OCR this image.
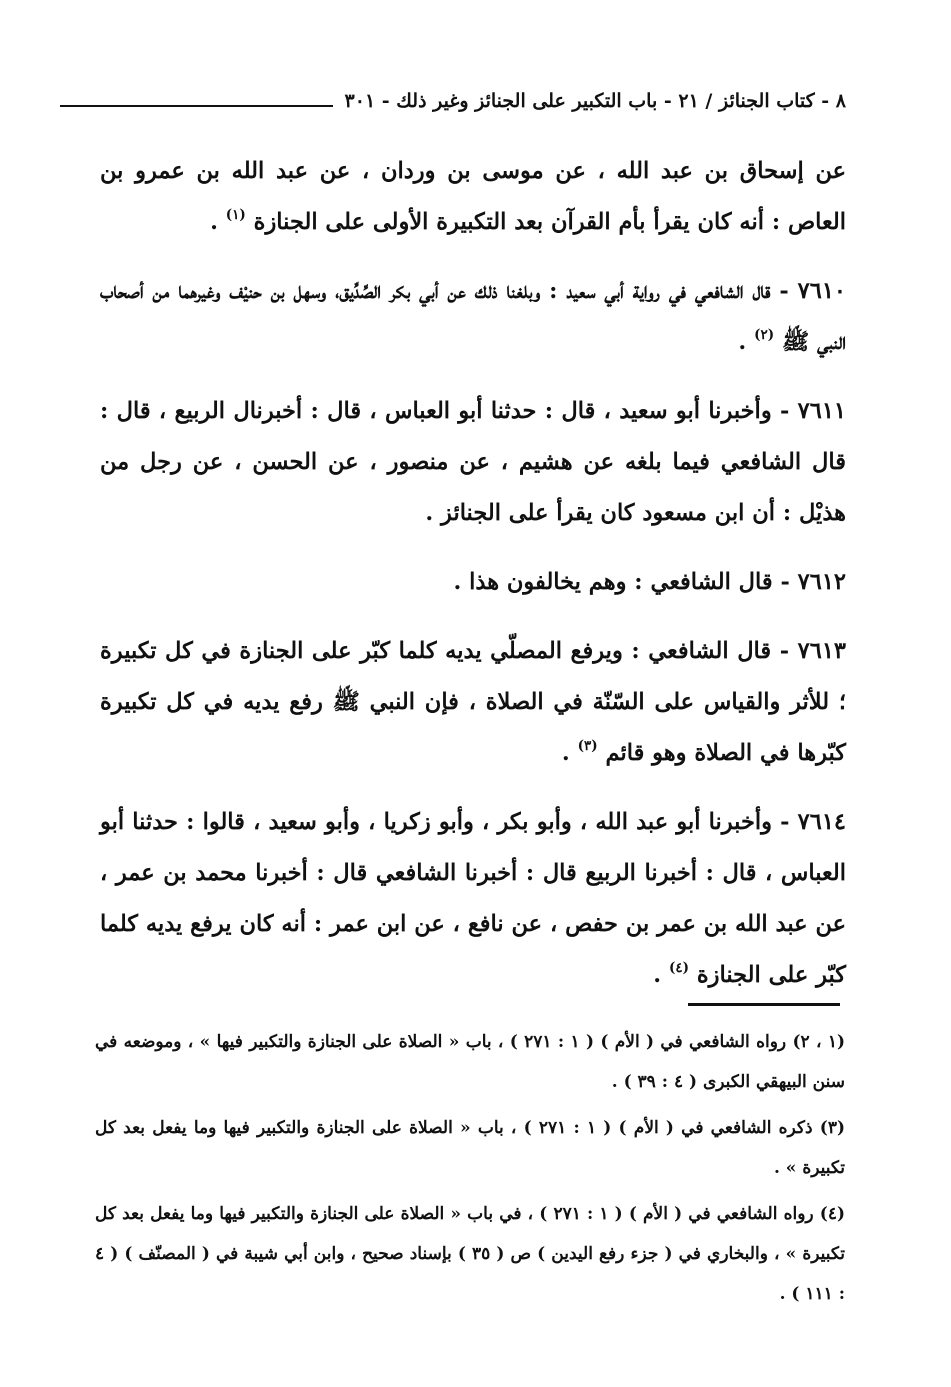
٨ - كتاب الجنائز / ٢١ - باب التكبير على الجنائز وغير ذلك - ٣٠١

عن إسحاق بن عبد الله ، عن موسى بن وردان ، عن عبد الله بن عمرو بن العاص : أنه كان يقرأ بأم القرآن بعد التكبيرة الأولى على الجنازة $^{(١)}$ .

٧٦١٠ - قال الشافعي في رواية أبي سعيد : وبلغنا ذلك عن أبي بكر الصِّدِّيق، وسهل بن حنيْف وغيرهما من أصحاب النبي ﷺ $^{(٢)}$ .

٧٦١١ - وأخبرنا أبو سعيد ، قال : حدثنا أبو العباس ، قال : أخبرنال الربيع ، قال : قال الشافعي فيما بلغه عن هشيم ، عن منصور ، عن الحسن ، عن رجل من هذيْل : أن ابن مسعود كان يقرأ على الجنائز .

٧٦١٢ - قال الشافعي : وهم يخالفون هذا .

٧٦١٣ - قال الشافعي : ويرفع المصلّي يديه كلما كبّر على الجنازة في كل تكبيرة ؛ للأثر والقياس على السّنّة في الصلاة ، فإن النبي ﷺ رفع يديه في كل تكبيرة كبّرها في الصلاة وهو قائم $^{(٣)}$ .

٧٦١٤ - وأخبرنا أبو عبد الله ، وأبو بكر ، وأبو زكريا ، وأبو سعيد ، قالوا : حدثنا أبو العباس ، قال : أخبرنا الربيع قال : أخبرنا الشافعي قال : أخبرنا محمد بن عمر ، عن عبد الله بن عمر بن حفص ، عن نافع ، عن ابن عمر : أنه كان يرفع يديه كلما كبّر على الجنازة $^{(٤)}$ .

(١ ، ٢) رواه الشافعي في ( الأم ) ( ١ : ٢٧١ ) ، باب « الصلاة على الجنازة والتكبير فيها » ، وموضعه في سنن البيهقي الكبرى ( ٤ : ٣٩ ) .

(٣) ذكره الشافعي في ( الأم ) ( ١ : ٢٧١ ) ، باب « الصلاة على الجنازة والتكبير فيها وما يفعل بعد كل تكبيرة » .

(٤) رواه الشافعي في ( الأم ) ( ١ : ٢٧١ ) ، في باب « الصلاة على الجنازة والتكبير فيها وما يفعل بعد كل تكبيرة » ، والبخاري في ( جزء رفع اليدين ) ص ( ٣٥ ) بإسناد صحيح ، وابن أبي شيبة في ( المصنّف ) ( ٤ : ١١١ ) .
